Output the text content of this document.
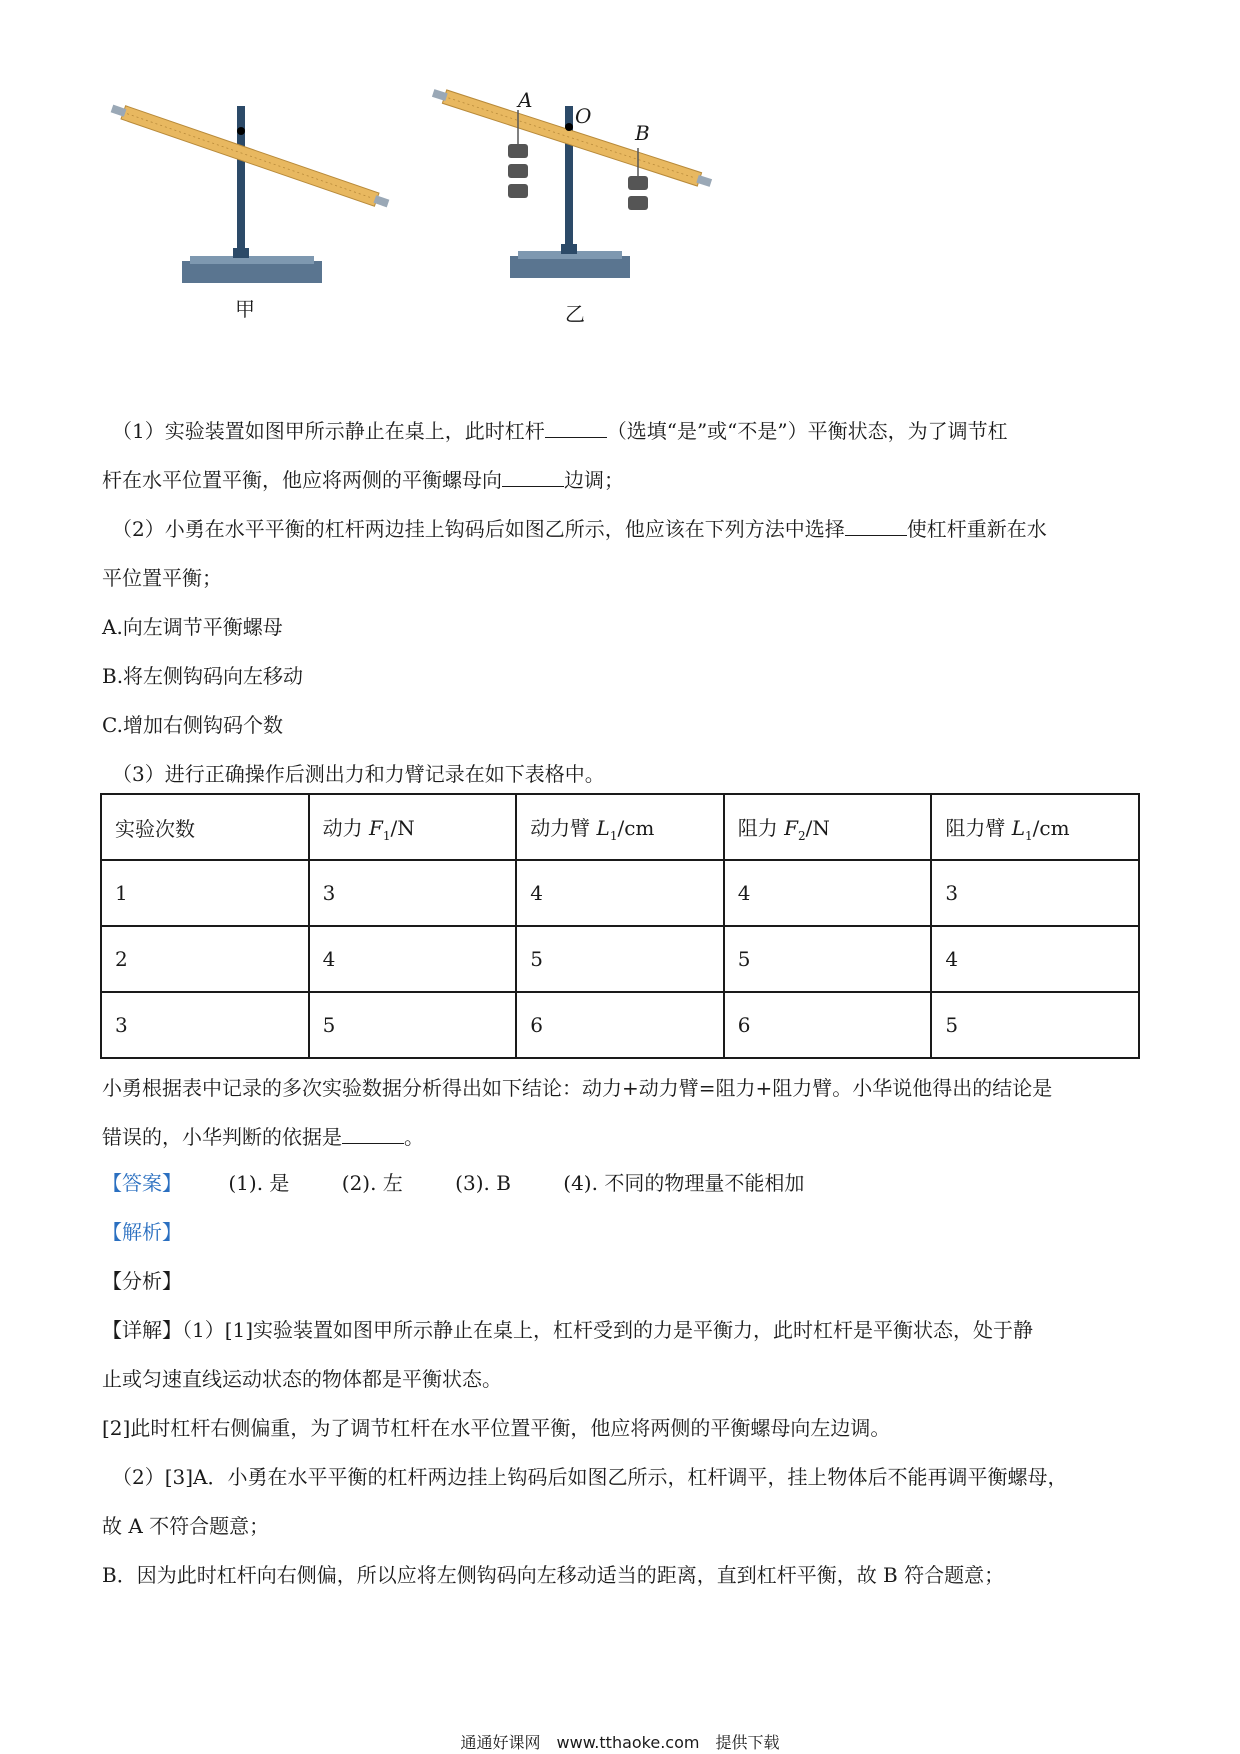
甲
A
O
B
乙
（1）实验装置如图甲所示静止在桌上，此时杠杆	（选填“是”或“不是”）平衡状态，为了调节杠
杆在水平位置平衡，他应将两侧的平衡螺母向	边调；
（2）小勇在水平平衡的杠杆两边挂上钩码后如图乙所示，他应该在下列方法中选择	使杠杆重新在水
平位置平衡；
A.向左调节平衡螺母
B.将左侧钩码向左移动
C.增加右侧钩码个数
（3）进行正确操作后测出力和力臂记录在如下表格中。
实验次数	动力 $F_1/N$	动力臂 $L_1/cm$	阻力 $F_2/N$	阻力臂 $L_1/cm$
1	3	4	4	3
2	4	5	5	4
3	5	6	6	5
小勇根据表中记录的多次实验数据分析得出如下结论：动力+动力臂=阻力+阻力臂。小华说他得出的结论是
错误的，小华判断的依据是	。
【答案】 (1). 是	(2). 左	(3). B	(4). 不同的物理量不能相加
【解析】
【分析】
【详解】（1）[1]实验装置如图甲所示静止在桌上，杠杆受到的力是平衡力，此时杠杆是平衡状态，处于静
止或匀速直线运动状态的物体都是平衡状态。
[2]此时杠杆右侧偏重，为了调节杠杆在水平位置平衡，他应将两侧的平衡螺母向左边调。
（2）[3]A．小勇在水平平衡的杠杆两边挂上钩码后如图乙所示，杠杆调平，挂上物体后不能再调平衡螺母，
故 A 不符合题意；
B．因为此时杠杆向右侧偏，所以应将左侧钩码向左移动适当的距离，直到杠杆平衡，故 B 符合题意；
通通好课网　www.tthaoke.com　提供下载
